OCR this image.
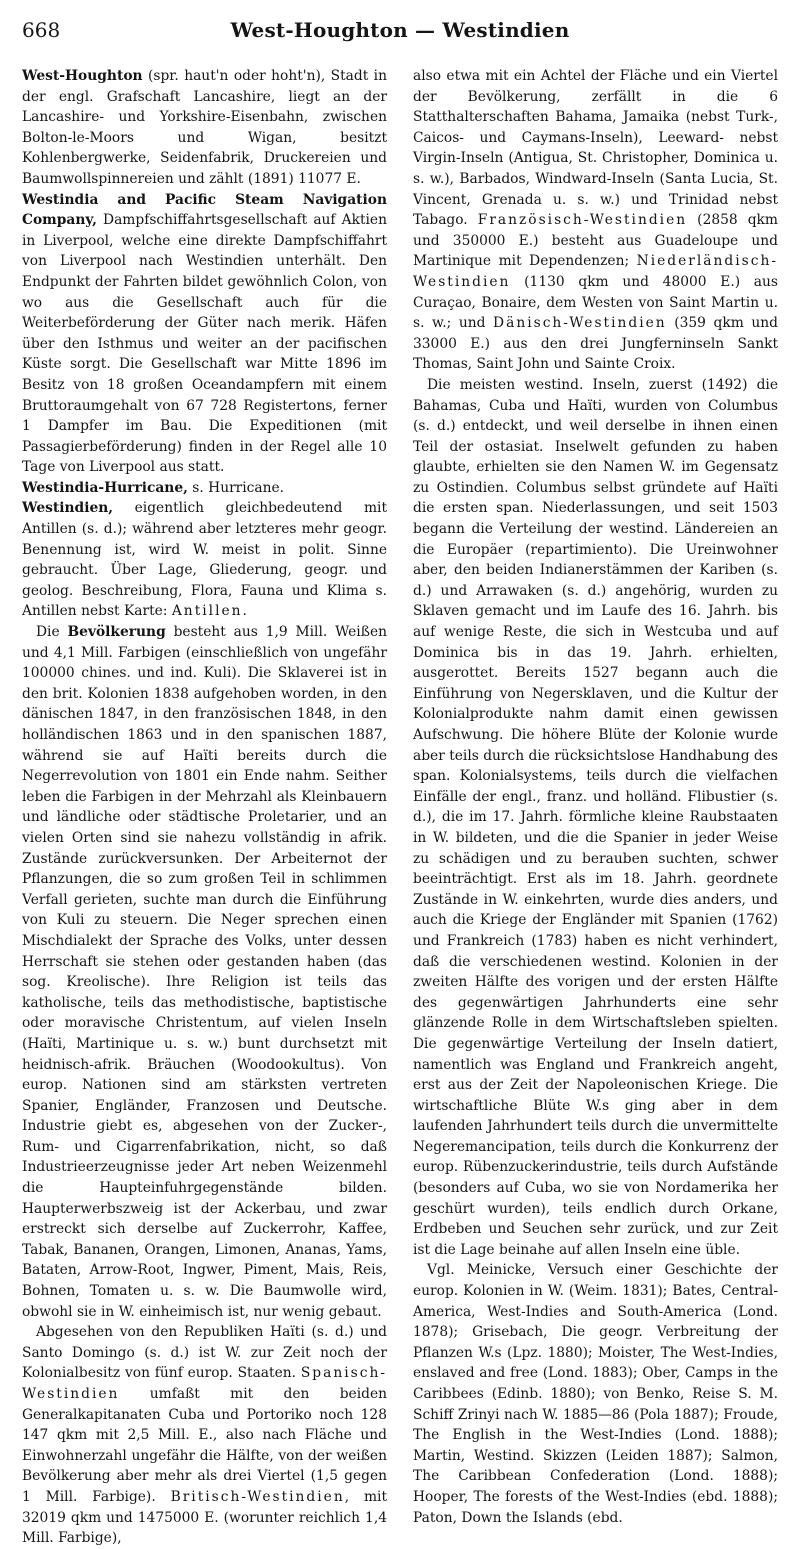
668	West-Houghton — Westindien

West-Houghton (spr. haut'n oder hoht'n), Stadt in der engl. Grafschaft Lancashire, liegt an der Lancashire- und Yorkshire-Eisenbahn, zwischen Bolton-le-Moors und Wigan, besitzt Kohlenbergwerke, Seidenfabrik, Druckereien und Baumwollspinnereien und zählt (1891) 11077 E.

Westindia and Pacific Steam Navigation Company, Dampfschiffahrtsgesellschaft auf Aktien in Liverpool, welche eine direkte Dampfschiffahrt von Liverpool nach Westindien unterhält. Den Endpunkt der Fahrten bildet gewöhnlich Colon, von wo aus die Gesellschaft auch für die Weiterbeförderung der Güter nach merik. Häfen über den Isthmus und weiter an der pacifischen Küste sorgt. Die Gesellschaft war Mitte 1896 im Besitz von 18 großen Oceandampfern mit einem Bruttoraumgehalt von 67 728 Registertons, ferner 1 Dampfer im Bau. Die Expeditionen (mit Passagierbeförderung) finden in der Regel alle 10 Tage von Liverpool aus statt.

Westindia-Hurricane, s. Hurricane.

Westindien, eigentlich gleichbedeutend mit Antillen (s. d.); während aber letzteres mehr geogr. Benennung ist, wird W. meist in polit. Sinne gebraucht. Über Lage, Gliederung, geogr. und geolog. Beschreibung, Flora, Fauna und Klima s. Antillen nebst Karte: Antillen.

Die Bevölkerung besteht aus 1,9 Mill. Weißen und 4,1 Mill. Farbigen (einschließlich von ungefähr 100000 chines. und ind. Kuli). Die Sklaverei ist in den brit. Kolonien 1838 aufgehoben worden, in den dänischen 1847, in den französischen 1848, in den holländischen 1863 und in den spanischen 1887, während sie auf Haïti bereits durch die Negerrevolution von 1801 ein Ende nahm. Seither leben die Farbigen in der Mehrzahl als Kleinbauern und ländliche oder städtische Proletarier, und an vielen Orten sind sie nahezu vollständig in afrik. Zustände zurückversunken. Der Arbeiternot der Pflanzungen, die so zum großen Teil in schlimmen Verfall gerieten, suchte man durch die Einführung von Kuli zu steuern. Die Neger sprechen einen Mischdialekt der Sprache des Volks, unter dessen Herrschaft sie stehen oder gestanden haben (das sog. Kreolische). Ihre Religion ist teils das katholische, teils das methodistische, baptistische oder moravische Christentum, auf vielen Inseln (Haïti, Martinique u. s. w.) bunt durchsetzt mit heidnisch-afrik. Bräuchen (Woodookultus). Von europ. Nationen sind am stärksten vertreten Spanier, Engländer, Franzosen und Deutsche. Industrie giebt es, abgesehen von der Zucker-, Rum- und Cigarrenfabrikation, nicht, so daß Industrieerzeugnisse jeder Art neben Weizenmehl die Haupteinfuhrgegenstände bilden. Haupterwerbszweig ist der Ackerbau, und zwar erstreckt sich derselbe auf Zuckerrohr, Kaffee, Tabak, Bananen, Orangen, Limonen, Ananas, Yams, Bataten, Arrow-Root, Ingwer, Piment, Mais, Reis, Bohnen, Tomaten u. s. w. Die Baumwolle wird, obwohl sie in W. einheimisch ist, nur wenig gebaut.

Abgesehen von den Republiken Haïti (s. d.) und Santo Domingo (s. d.) ist W. zur Zeit noch der Kolonialbesitz von fünf europ. Staaten. Spanisch-Westindien umfaßt mit den beiden Generalkapitanaten Cuba und Portoriko noch 128 147 qkm mit 2,5 Mill. E., also nach Fläche und Einwohnerzahl ungefähr die Hälfte, von der weißen Bevölkerung aber mehr als drei Viertel (1,5 gegen 1 Mill. Farbige). Britisch-Westindien, mit 32019 qkm und 1475000 E. (worunter reichlich 1,4 Mill. Farbige),

also etwa mit ein Achtel der Fläche und ein Viertel der Bevölkerung, zerfällt in die 6 Statthalterschaften Bahama, Jamaika (nebst Turk-, Caicos- und Caymans-Inseln), Leeward- nebst Virgin-Inseln (Antigua, St. Christopher, Dominica u. s. w.), Barbados, Windward-Inseln (Santa Lucia, St. Vincent, Grenada u. s. w.) und Trinidad nebst Tabago. Französisch-Westindien (2858 qkm und 350000 E.) besteht aus Guadeloupe und Martinique mit Dependenzen; Niederländisch-Westindien (1130 qkm und 48000 E.) aus Curaçao, Bonaire, dem Westen von Saint Martin u. s. w.; und Dänisch-Westindien (359 qkm und 33000 E.) aus den drei Jungferninseln Sankt Thomas, Saint John und Sainte Croix.

Die meisten westind. Inseln, zuerst (1492) die Bahamas, Cuba und Haïti, wurden von Columbus (s. d.) entdeckt, und weil derselbe in ihnen einen Teil der ostasiat. Inselwelt gefunden zu haben glaubte, erhielten sie den Namen W. im Gegensatz zu Ostindien. Columbus selbst gründete auf Haïti die ersten span. Niederlassungen, und seit 1503 begann die Verteilung der westind. Ländereien an die Europäer (repartimiento). Die Ureinwohner aber, den beiden Indianerstämmen der Kariben (s. d.) und Arrawaken (s. d.) angehörig, wurden zu Sklaven gemacht und im Laufe des 16. Jahrh. bis auf wenige Reste, die sich in Westcuba und auf Dominica bis in das 19. Jahrh. erhielten, ausgerottet. Bereits 1527 begann auch die Einführung von Negersklaven, und die Kultur der Kolonialprodukte nahm damit einen gewissen Aufschwung. Die höhere Blüte der Kolonie wurde aber teils durch die rücksichtslose Handhabung des span. Kolonialsystems, teils durch die vielfachen Einfälle der engl., franz. und holländ. Flibustier (s. d.), die im 17. Jahrh. förmliche kleine Raubstaaten in W. bildeten, und die die Spanier in jeder Weise zu schädigen und zu berauben suchten, schwer beeinträchtigt. Erst als im 18. Jahrh. geordnete Zustände in W. einkehrten, wurde dies anders, und auch die Kriege der Engländer mit Spanien (1762) und Frankreich (1783) haben es nicht verhindert, daß die verschiedenen westind. Kolonien in der zweiten Hälfte des vorigen und der ersten Hälfte des gegenwärtigen Jahrhunderts eine sehr glänzende Rolle in dem Wirtschaftsleben spielten. Die gegenwärtige Verteilung der Inseln datiert, namentlich was England und Frankreich angeht, erst aus der Zeit der Napoleonischen Kriege. Die wirtschaftliche Blüte W.s ging aber in dem laufenden Jahrhundert teils durch die unvermittelte Negeremancipation, teils durch die Konkurrenz der europ. Rübenzuckerindustrie, teils durch Aufstände (besonders auf Cuba, wo sie von Nordamerika her geschürt wurden), teils endlich durch Orkane, Erdbeben und Seuchen sehr zurück, und zur Zeit ist die Lage beinahe auf allen Inseln eine üble.

Vgl. Meinicke, Versuch einer Geschichte der europ. Kolonien in W. (Weim. 1831); Bates, Central-America, West-Indies and South-America (Lond. 1878); Grisebach, Die geogr. Verbreitung der Pflanzen W.s (Lpz. 1880); Moister, The West-Indies, enslaved and free (Lond. 1883); Ober, Camps in the Caribbees (Edinb. 1880); von Benko, Reise S. M. Schiff Zrinyi nach W. 1885—86 (Pola 1887); Froude, The English in the West-Indies (Lond. 1888); Martin, Westind. Skizzen (Leiden 1887); Salmon, The Caribbean Confederation (Lond. 1888); Hooper, The forests of the West-Indies (ebd. 1888); Paton, Down the Islands (ebd.
